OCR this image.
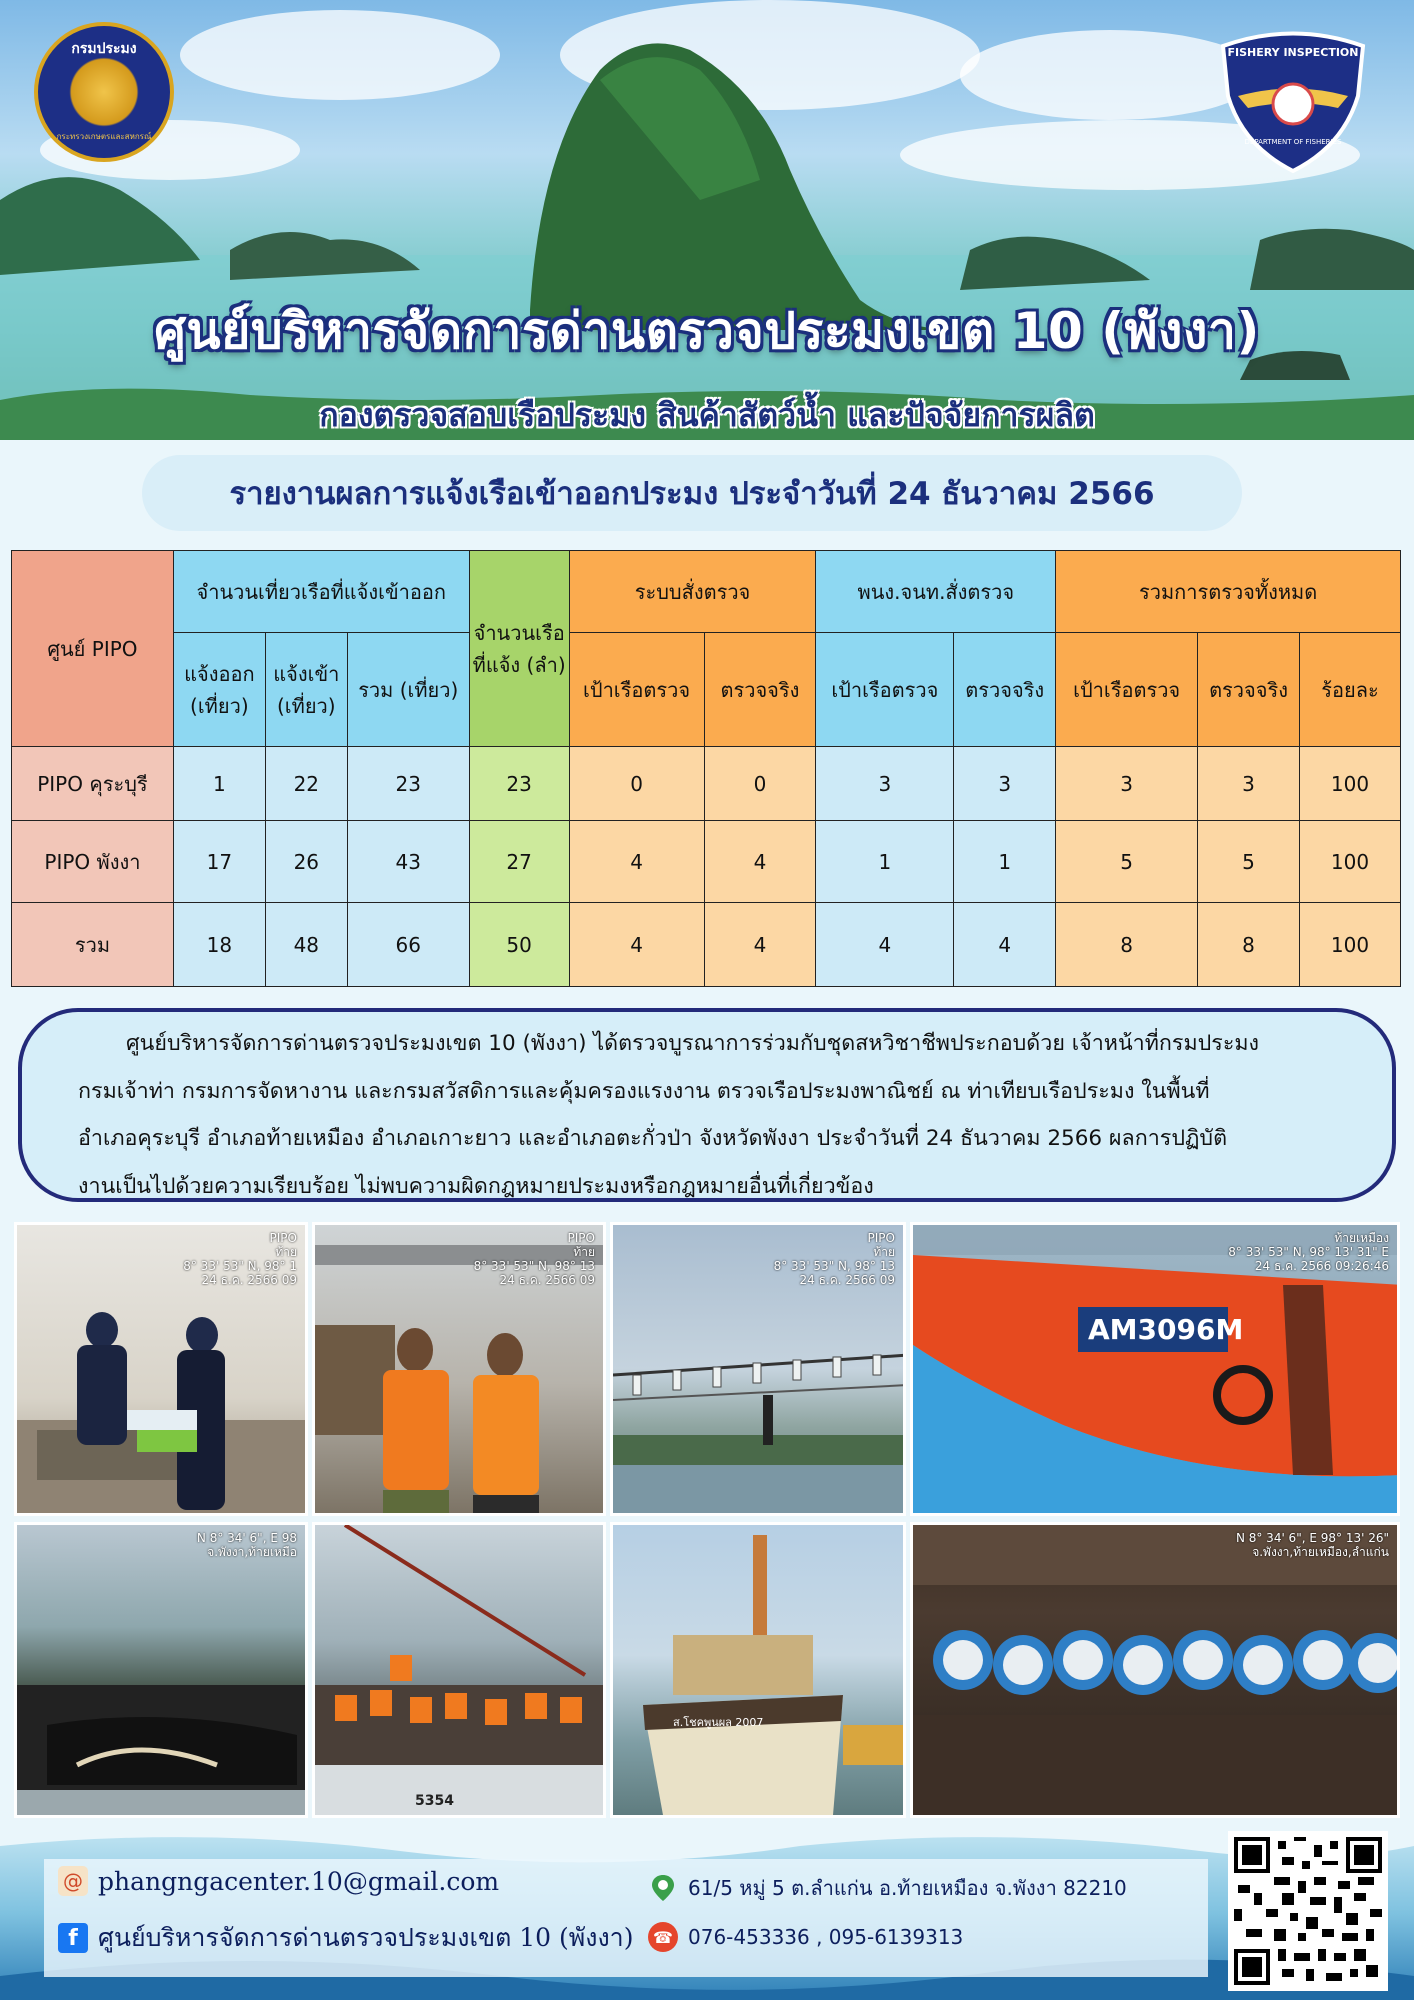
กรมประมง
กระทรวงเกษตรและสหกรณ์
FISHERY INSPECTION
DEPARTMENT OF FISHERIES
ศูนย์บริหารจัดการด่านตรวจประมงเขต 10 (พังงา)
กองตรวจสอบเรือประมง สินค้าสัตว์น้ำ และปัจจัยการผลิต
รายงานผลการแจ้งเรือเข้าออกประมง ประจำวันที่ 24 ธันวาคม 2566
ศูนย์ PIPO	จำนวนเที่ยวเรือที่แจ้งเข้าออก			จำนวนเรือที่แจ้ง (ลำ)	ระบบสั่งตรวจ		พนง.จนท.สั่งตรวจ		รวมการตรวจทั้งหมด		
	แจ้งออก (เที่ยว)	แจ้งเข้า (เที่ยว)	รวม (เที่ยว)		เป้าเรือตรวจ	ตรวจจริง	เป้าเรือตรวจ	ตรวจจริง	เป้าเรือตรวจ	ตรวจจริง	ร้อยละ
PIPO คุระบุรี	1	22	23	23	0	0	3	3	3	3	100
PIPO พังงา	17	26	43	27	4	4	1	1	5	5	100
รวม	18	48	66	50	4	4	4	4	8	8	100

ศูนย์บริหารจัดการด่านตรวจประมงเขต 10 (พังงา) ได้ตรวจบูรณาการร่วมกับชุดสหวิชาชีพประกอบด้วย เจ้าหน้าที่กรมประมง

กรมเจ้าท่า กรมการจัดหางาน และกรมสวัสดิการและคุ้มครองแรงงาน ตรวจเรือประมงพาณิชย์ ณ ท่าเทียบเรือประมง ในพื้นที่
อำเภอคุระบุรี อำเภอท้ายเหมือง อำเภอเกาะยาว และอำเภอตะกั่วป่า จังหวัดพังงา ประจำวันที่ 24 ธันวาคม 2566 ผลการปฏิบัติ
งานเป็นไปด้วยความเรียบร้อย ไม่พบความผิดกฎหมายประมงหรือกฎหมายอื่นที่เกี่ยวข้อง
PIPO
ท้าย
8° 33' 53" N, 98° 1
24 ธ.ค. 2566 09
PIPO
ท้าย
8° 33' 53" N, 98° 13
24 ธ.ค. 2566 09
PIPO
ท้าย
8° 33' 53" N, 98° 13
24 ธ.ค. 2566 09
AM3096M
ท้ายเหมือง
8° 33' 53" N, 98° 13' 31" E
24 ธ.ค. 2566 09:26:46
N 8° 34' 6", E 98
จ.พังงา,ท้ายเหมือ
5354
ส.โชคพูนผล 2007
N 8° 34' 6", E 98° 13' 26"
จ.พังงา,ท้ายเหมือง,ลำแก่น
@ phangngacenter.10@gmail.com
f ศูนย์บริหารจัดการด่านตรวจประมงเขต 10 (พังงา)
61/5 หมู่ 5 ต.ลำแก่น อ.ท้ายเหมือง จ.พังงา 82210
☎ 076-453336 , 095-6139313
